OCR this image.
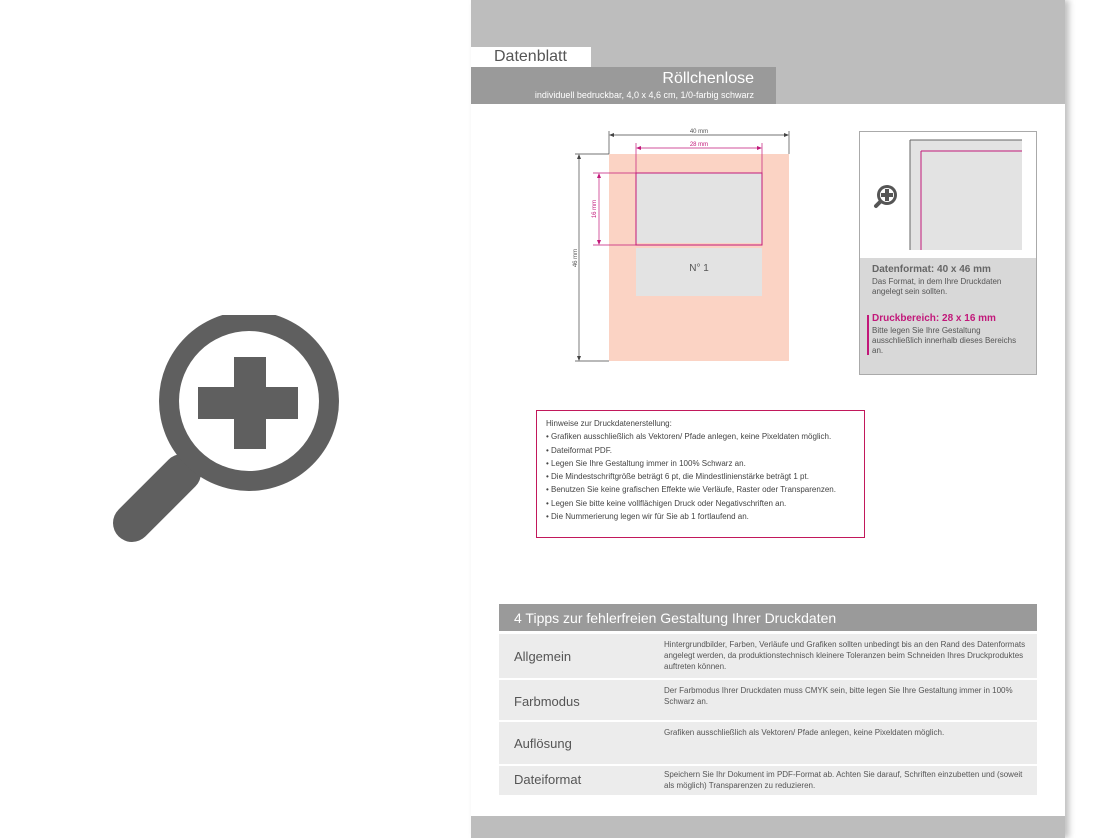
Datenblatt
Röllchenlose
individuell bedruckbar, 4,0 x 4,6 cm, 1/0-farbig schwarz
N° 1
40 mm
28 mm
46 mm
16 mm
Datenformat: 40 x 46 mm
Das Format, in dem Ihre Druckdaten angelegt sein sollten.
Druckbereich: 28 x 16 mm
Bitte legen Sie Ihre Gestaltung ausschließlich innerhalb dieses Bereichs an.

Hinweise zur Druckdatenerstellung:

• Grafiken ausschließlich als Vektoren/ Pfade anlegen, keine Pixeldaten möglich.

• Dateiformat PDF.

• Legen Sie Ihre Gestaltung immer in 100% Schwarz an.

• Die Mindestschriftgröße beträgt 6 pt, die Mindestlinienstärke beträgt 1 pt.

• Benutzen Sie keine grafischen Effekte wie Verläufe, Raster oder Transparenzen.

• Legen Sie bitte keine vollflächigen Druck oder Negativschriften an.

• Die Nummerierung legen wir für Sie ab 1 fortlaufend an.

4 Tipps zur fehlerfreien Gestaltung Ihrer Druckdaten
Allgemein
Hintergrundbilder, Farben, Verläufe und Grafiken sollten unbedingt bis an den Rand des Datenformats angelegt werden, da produktionstechnisch kleinere Toleranzen beim Schneiden Ihres Druckproduktes auftreten können.
Farbmodus
Der Farbmodus Ihrer Druckdaten muss CMYK sein, bitte legen Sie Ihre Gestaltung immer in 100% Schwarz an.
Auflösung
Grafiken ausschließlich als Vektoren/ Pfade anlegen, keine Pixeldaten möglich.
Dateiformat	Speichern Sie Ihr Dokument im PDF-Format ab. Achten Sie darauf, Schriften einzubetten und (soweit als möglich) Transparenzen zu reduzieren.
